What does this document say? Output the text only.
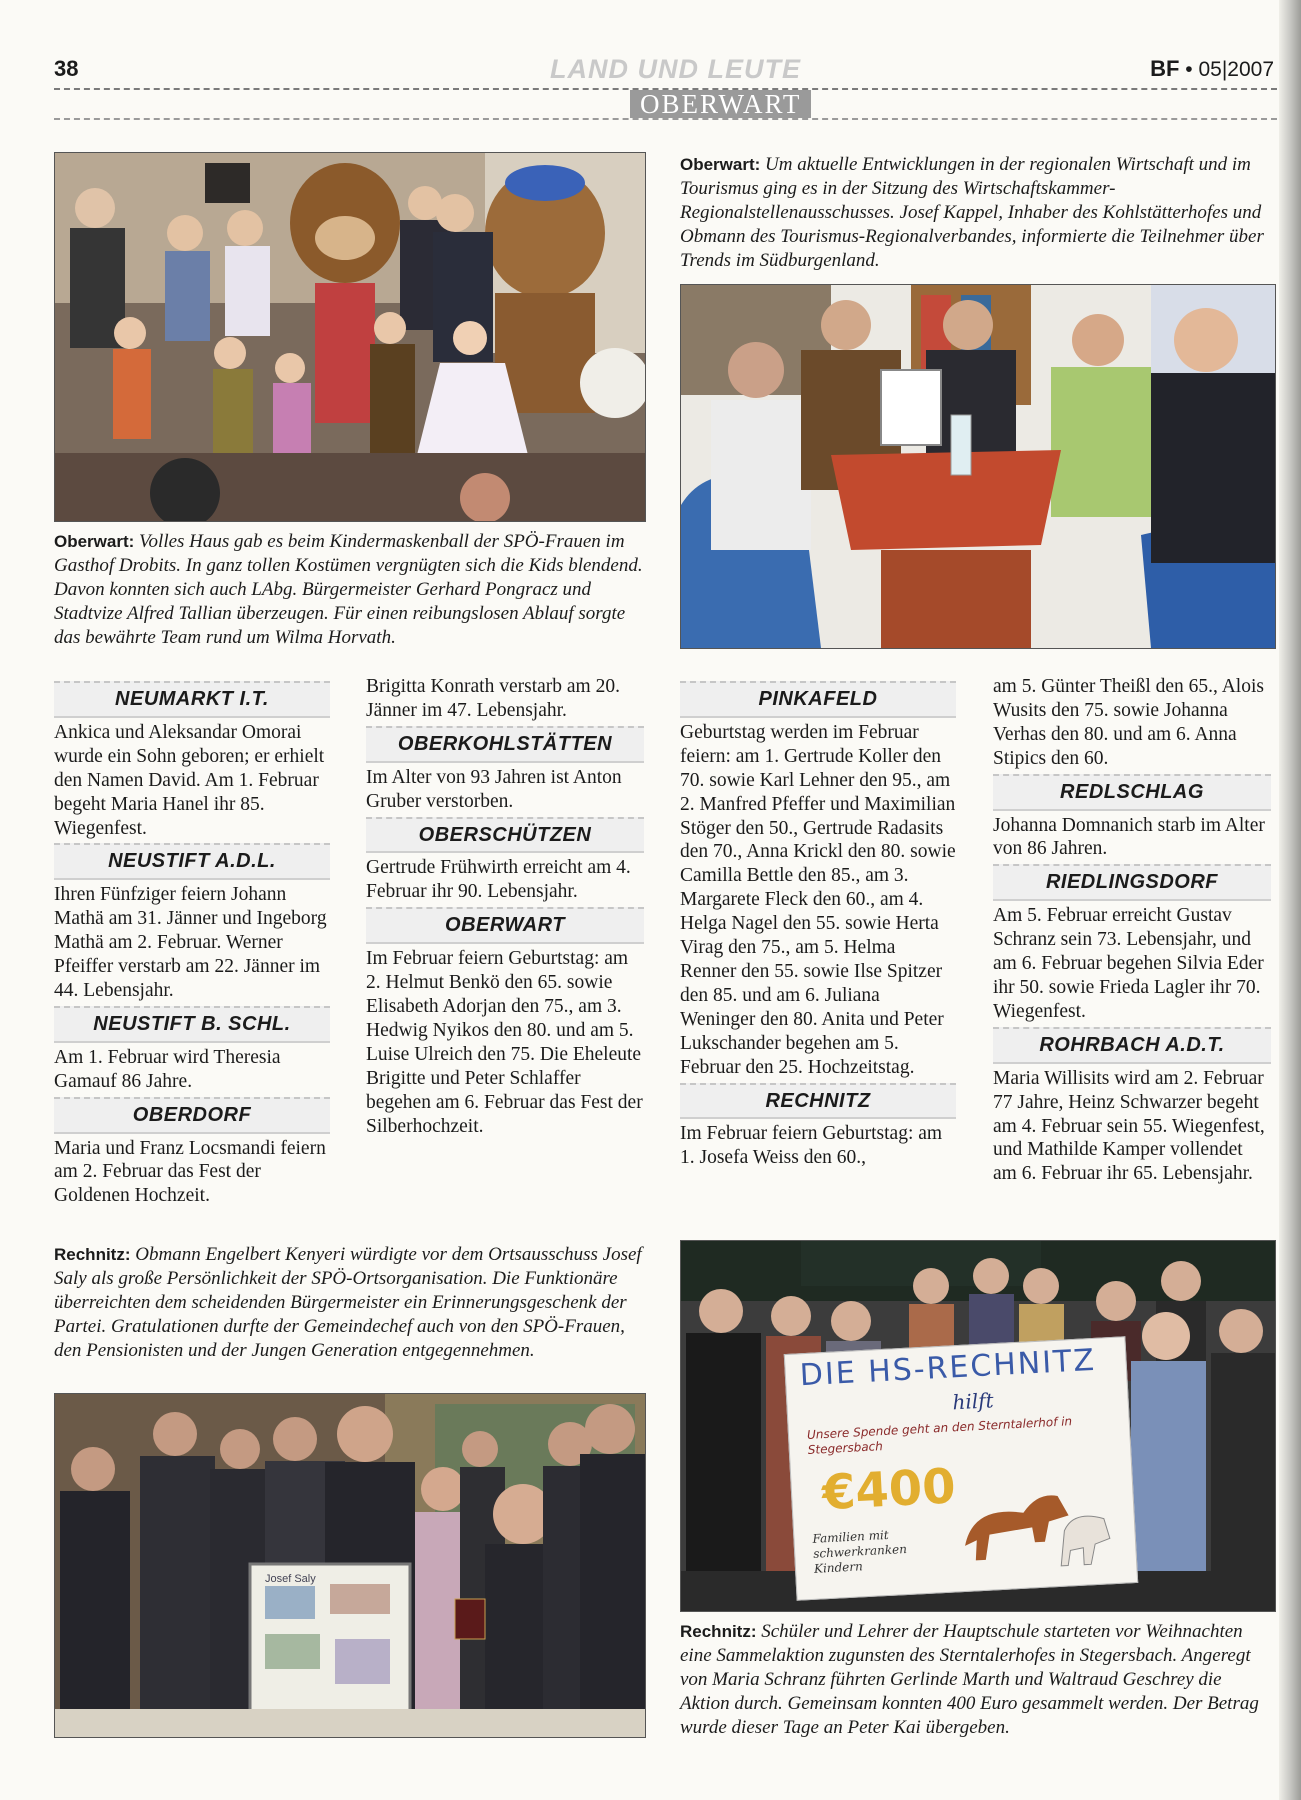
38	LAND UND LEUTE	BF • 05|2007
OBERWART
Oberwart: Volles Haus gab es beim Kindermaskenball der SPÖ-Frauen im Gasthof Drobits. In ganz tollen Kostümen vergnügten sich die Kids blendend. Davon konnten sich auch LAbg. Bürgermeister Gerhard Pongracz und Stadtvize Alfred Tallian überzeugen. Für einen reibungslosen Ablauf sorgte das bewährte Team rund um Wilma Horvath.
Oberwart: Um aktuelle Entwicklungen in der regionalen Wirtschaft und im Tourismus ging es in der Sitzung des Wirtschaftskammer-Regionalstellenausschusses. Josef Kappel, Inhaber des Kohlstätterhofes und Obmann des Tourismus-Regionalverbandes, informierte die Teilnehmer über Trends im Südburgenland.
NEUMARKT I.T.

Ankica und Aleksandar Omorai wurde ein Sohn geboren; er erhielt den Namen David. Am 1. Februar begeht Maria Hanel ihr 85. Wiegenfest.

NEUSTIFT A.D.L.

Ihren Fünfziger feiern Johann Mathä am 31. Jänner und Ingeborg Mathä am 2. Februar. Werner Pfeiffer verstarb am 22. Jänner im 44. Lebensjahr.

NEUSTIFT B. SCHL.

Am 1. Februar wird Theresia Gamauf 86 Jahre.

OBERDORF

Maria und Franz Locsmandi feiern am 2. Februar das Fest der Goldenen Hochzeit.

Brigitta Konrath verstarb am 20. Jänner im 47. Lebensjahr.

OBERKOHLSTÄTTEN

Im Alter von 93 Jahren ist Anton Gruber verstorben.

OBERSCHÜTZEN

Gertrude Frühwirth erreicht am 4. Februar ihr 90. Lebensjahr.

OBERWART

Im Februar feiern Geburtstag: am 2. Helmut Benkö den 65. sowie Elisabeth Adorjan den 75., am 3. Hedwig Nyikos den 80. und am 5. Luise Ulreich den 75. Die Eheleute Brigitte und Peter Schlaffer begehen am 6. Februar das Fest der Silberhochzeit.

PINKAFELD

Geburtstag werden im Februar feiern: am 1. Gertrude Koller den 70. sowie Karl Lehner den 95., am 2. Manfred Pfeffer und Maximilian Stöger den 50., Gertrude Radasits den 70., Anna Krickl den 80. sowie Camilla Bettle den 85., am 3. Margarete Fleck den 60., am 4. Helga Nagel den 55. sowie Herta Virag den 75., am 5. Helma Renner den 55. sowie Ilse Spitzer den 85. und am 6. Juliana Weninger den 80. Anita und Peter Lukschander begehen am 5. Februar den 25. Hochzeitstag.

RECHNITZ

Im Februar feiern Geburtstag: am 1. Josefa Weiss den 60.,

am 5. Günter Theißl den 65., Alois Wusits den 75. sowie Johanna Verhas den 80. und am 6. Anna Stipics den 60.

REDLSCHLAG

Johanna Domnanich starb im Alter von 86 Jahren.

RIEDLINGSDORF

Am 5. Februar erreicht Gustav Schranz sein 73. Lebensjahr, und am 6. Februar begehen Silvia Eder ihr 50. sowie Frieda Lagler ihr 70. Wiegenfest.

ROHRBACH A.D.T.

Maria Willisits wird am 2. Februar 77 Jahre, Heinz Schwarzer begeht am 4. Februar sein 55. Wiegenfest, und Mathilde Kamper vollendet am 6. Februar ihr 65. Lebensjahr.

Rechnitz: Obmann Engelbert Kenyeri würdigte vor dem Ortsausschuss Josef Saly als große Persönlichkeit der SPÖ-Ortsorganisation. Die Funktionäre überreichten dem scheidenden Bürgermeister ein Erinnerungsgeschenk der Partei. Gratulationen durfte der Gemeindechef auch von den SPÖ-Frauen, den Pensionisten und der Jungen Generation entgegennehmen.	DIE HS-RECHNITZ
hilft
Unsere Spende geht an den Sterntalerhof in Stegersbach
€400
Familien mit schwerkranken Kindern
Rechnitz: Schüler und Lehrer der Hauptschule starteten vor Weihnachten eine Sammelaktion zugunsten des Sterntalerhofes in Stegersbach. Angeregt von Maria Schranz führten Gerlinde Marth und Waltraud Geschrey die Aktion durch. Gemeinsam konnten 400 Euro gesammelt werden. Der Betrag wurde dieser Tage an Peter Kai übergeben.
Josef Saly
